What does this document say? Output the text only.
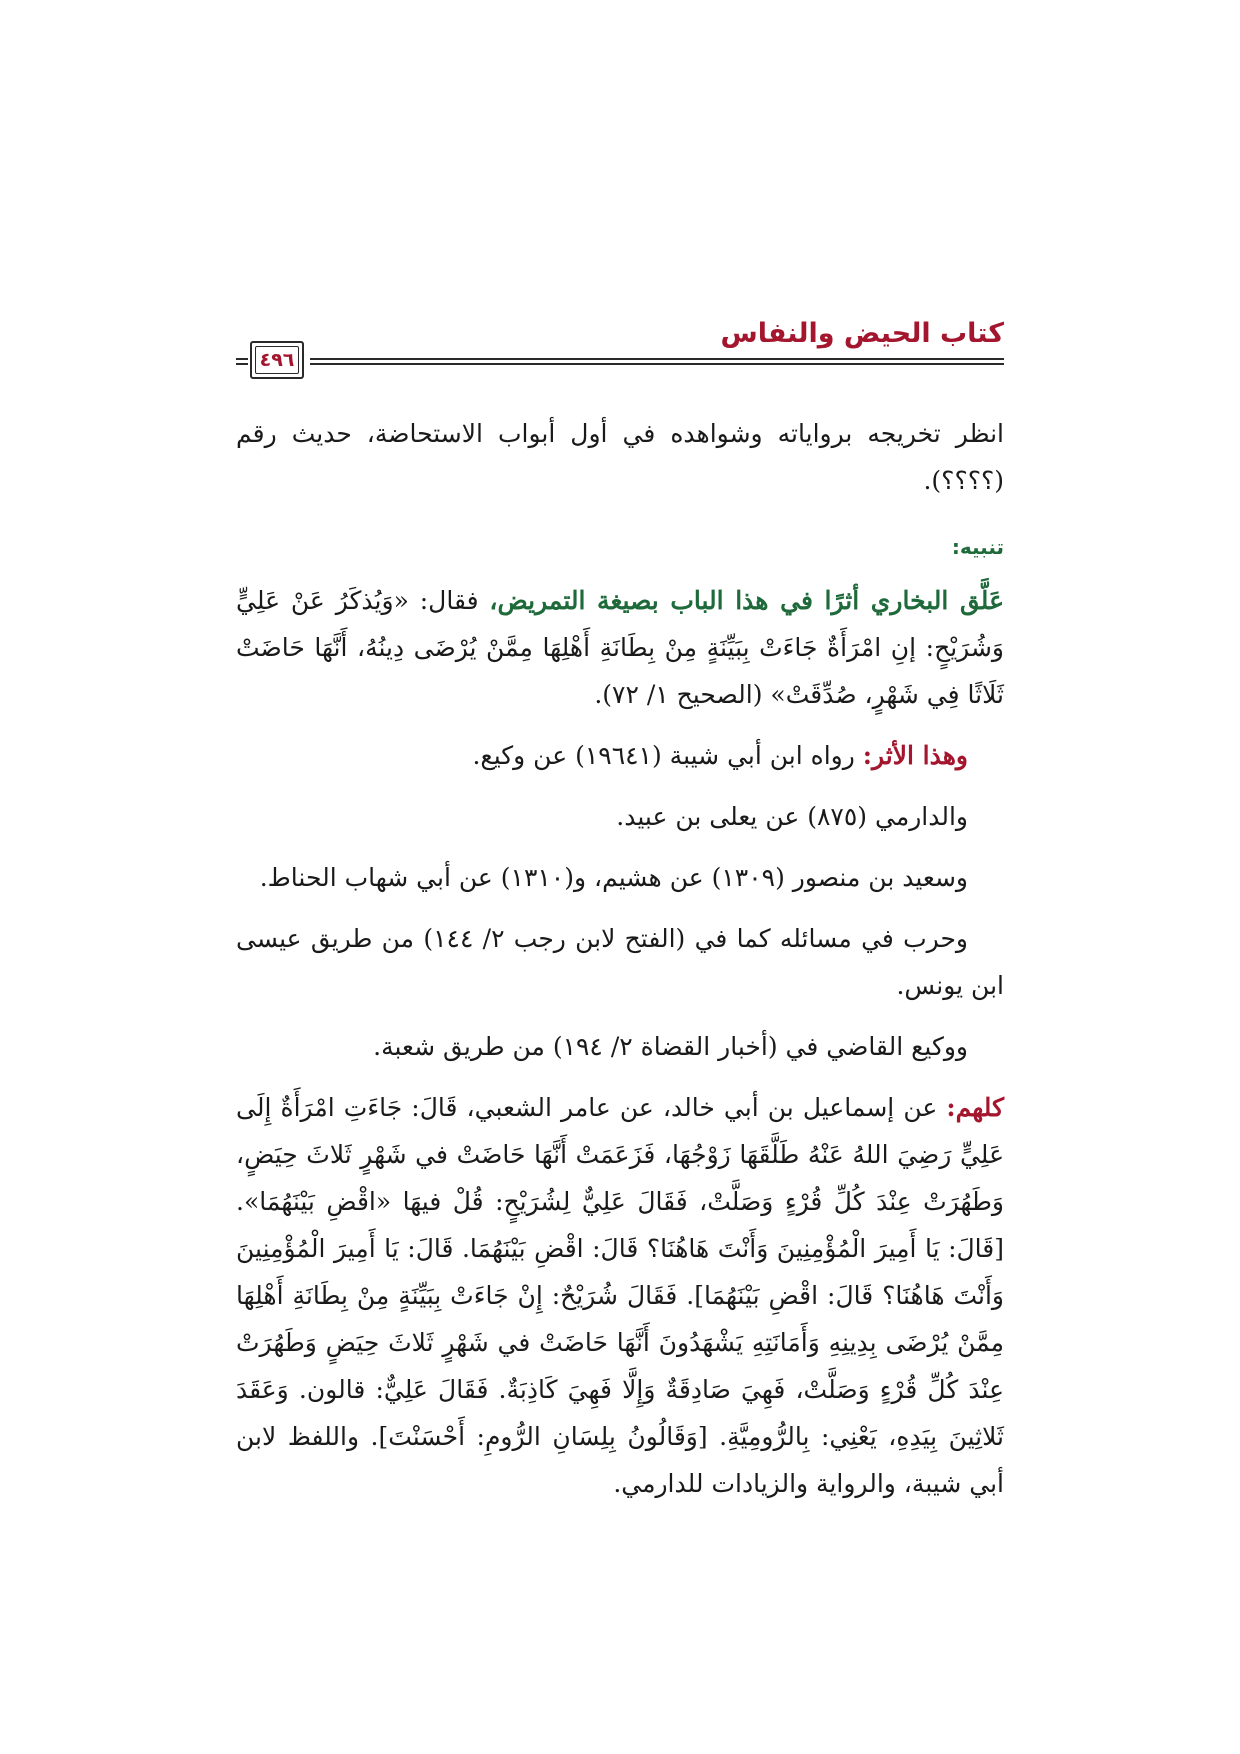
٤٩٦
كتاب الحيض والنفاس

انظر تخريجه برواياته وشواهده في أول أبواب الاستحاضة، حديث رقم (؟؟؟؟).

تنبيه:

عَلَّق البخاري أثرًا في هذا الباب بصيغة التمريض، فقال: «وَيُذكَرُ عَنْ عَلِيٍّ وَشُرَيْحٍ: إنِ امْرَأَةٌ جَاءَتْ بِبَيِّنَةٍ مِنْ بِطَانَةِ أَهْلِهَا مِمَّنْ يُرْضَى دِينُهُ، أَنَّهَا حَاضَتْ ثَلَاثًا فِي شَهْرٍ، صُدِّقَتْ» (الصحيح ١/ ٧٢).

وهذا الأثر: رواه ابن أبي شيبة (١٩٦٤١) عن وكيع.

والدارمي (٨٧٥) عن يعلى بن عبيد.

وسعيد بن منصور (١٣٠٩) عن هشيم، و(١٣١٠) عن أبي شهاب الحناط.

وحرب في مسائله كما في (الفتح لابن رجب ٢/ ١٤٤) من طريق عيسى ابن يونس.

ووكيع القاضي في (أخبار القضاة ٢/ ١٩٤) من طريق شعبة.

كلهم: عن إسماعيل بن أبي خالد، عن عامر الشعبي، قَالَ: جَاءَتِ امْرَأَةٌ إِلَى عَلِيٍّ رَضِيَ اللهُ عَنْهُ طَلَّقَهَا زَوْجُهَا، فَزَعَمَتْ أَنَّهَا حَاضَتْ في شَهْرٍ ثَلاثَ حِيَضٍ، وَطَهُرَتْ عِنْدَ كُلِّ قُرْءٍ وَصَلَّتْ، فَقَالَ عَلِيٌّ لِشُرَيْحٍ: قُلْ فيهَا «اقْضِ بَيْنَهُمَا». [قَالَ: يَا أَمِيرَ الْمُؤْمِنِينَ وَأَنْتَ هَاهُنَا؟ قَالَ: اقْضِ بَيْنَهُمَا. قَالَ: يَا أَمِيرَ الْمُؤْمِنِينَ وَأَنْتَ هَاهُنَا؟ قَالَ: اقْضِ بَيْنَهُمَا]. فَقَالَ شُرَيْحٌ: إِنْ جَاءَتْ بِبَيِّنَةٍ مِنْ بِطَانَةِ أَهْلِهَا مِمَّنْ يُرْضَى بِدِينِهِ وَأَمَانَتِهِ يَشْهَدُونَ أَنَّهَا حَاضَتْ في شَهْرٍ ثَلاثَ حِيَضٍ وَطَهُرَتْ عِنْدَ كُلِّ قُرْءٍ وَصَلَّتْ، فَهِيَ صَادِقَةٌ وَإِلَّا فَهِيَ كَاذِبَةٌ. فَقَالَ عَلِيٌّ: قالون. وَعَقَدَ ثَلاثِينَ بِيَدِهِ، يَعْنِي: بِالرُّومِيَّةِ. [وَقَالُونُ بِلِسَانِ الرُّومِ: أَحْسَنْتَ]. واللفظ لابن أبي شيبة، والرواية والزيادات للدارمي.
